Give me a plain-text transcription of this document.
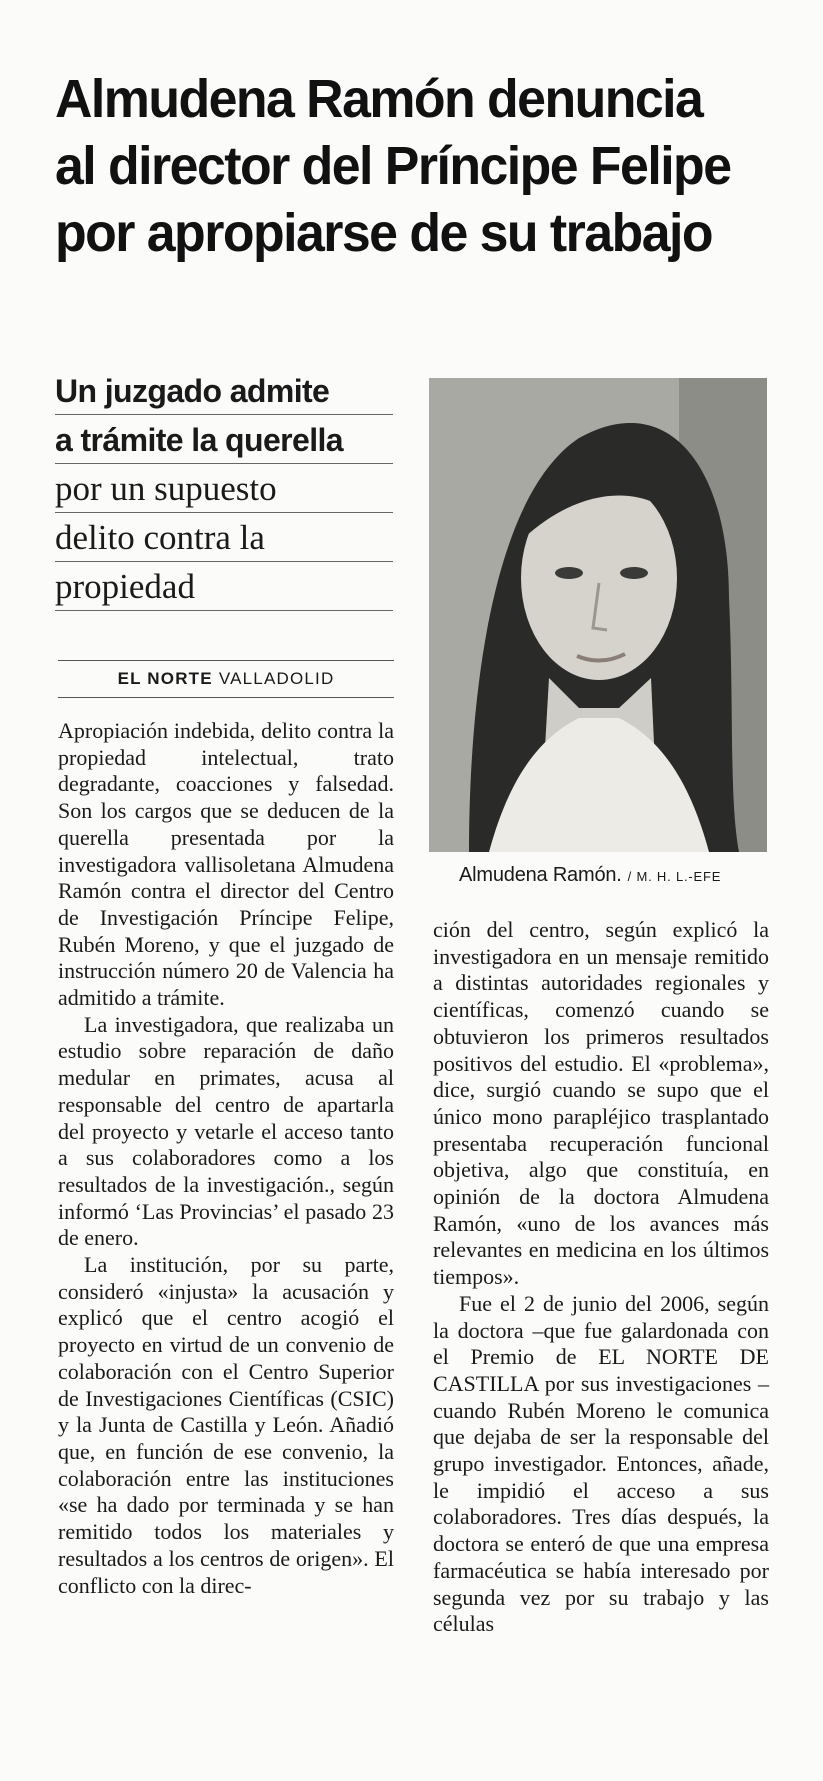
Almudena Ramón denuncia al director del Príncipe Felipe por apropiarse de su trabajo
Un juzgado admite
a trámite la querella
por un supuesto
delito contra la
propiedad
EL NORTE VALLADOLID
Almudena Ramón. / M. H. L.-EFE

Apropiación indebida, delito contra la propiedad intelectual, trato degradante, coacciones y falsedad. Son los cargos que se deducen de la querella presentada por la investigadora vallisoletana Almudena Ramón contra el director del Centro de Investigación Príncipe Felipe, Rubén Moreno, y que el juzgado de instrucción número 20 de Valencia ha admitido a trámite.

La investigadora, que realizaba un estudio sobre reparación de daño medular en primates, acusa al responsable del centro de apartarla del proyecto y vetarle el acceso tanto a sus colaboradores como a los resultados de la investigación., según informó ‘Las Provincias’ el pasado 23 de enero.

La institución, por su parte, consideró «injusta» la acusación y explicó que el centro acogió el proyecto en virtud de un convenio de colaboración con el Centro Superior de Investigaciones Científicas (CSIC) y la Junta de Castilla y León. Añadió que, en función de ese convenio, la colaboración entre las instituciones «se ha dado por terminada y se han remitido todos los materiales y resultados a los centros de origen». El conflicto con la direc-

ción del centro, según explicó la investigadora en un mensaje remitido a distintas autoridades regionales y científicas, comenzó cuando se obtuvieron los primeros resultados positivos del estudio. El «problema», dice, surgió cuando se supo que el único mono parapléjico trasplantado presentaba recuperación funcional objetiva, algo que constituía, en opinión de la doctora Almudena Ramón, «uno de los avances más relevantes en medicina en los últimos tiempos».

Fue el 2 de junio del 2006, según la doctora –que fue galardonada con el Premio de EL NORTE DE CASTILLA por sus investigaciones –cuando Rubén Moreno le comunica que dejaba de ser la responsable del grupo investigador. Entonces, añade, le impidió el acceso a sus colaboradores. Tres días después, la doctora se enteró de que una empresa farmacéutica se había interesado por segunda vez por su trabajo y las células
